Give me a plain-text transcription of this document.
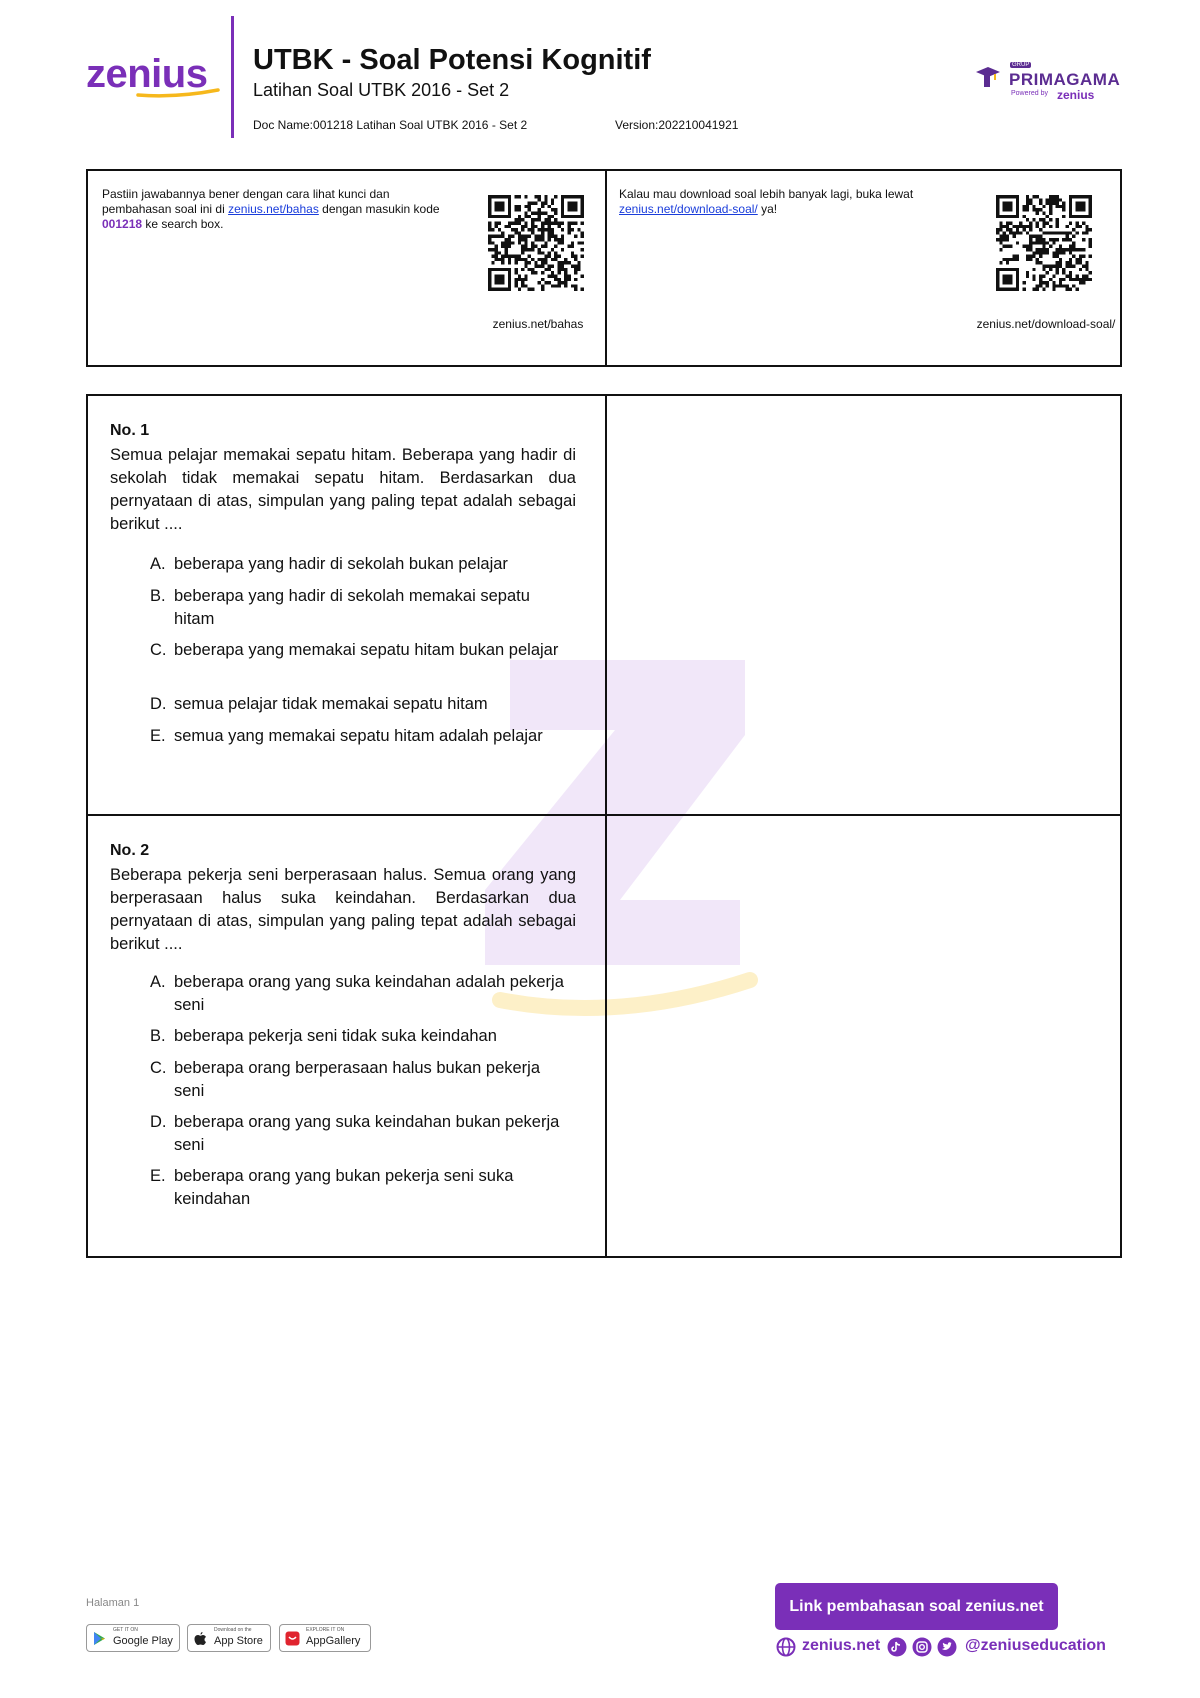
zenius UTBK - Soal Potensi Kognitif
Latihan Soal UTBK 2016 - Set 2
Doc Name:001218 Latihan Soal UTBK 2016 - Set 2	Version:202210041921
GRUP
PRIMAGAMA
Powered by zenius
Pastiin jawabannya bener dengan cara lihat kunci dan pembahasan soal ini di zenius.net/bahas dengan masukin kode 001218 ke search box.
zenius.net/bahas
Kalau mau download soal lebih banyak lagi, buka lewat zenius.net/download-soal/ ya!
zenius.net/download-soal/
No. 1
Semua pelajar memakai sepatu hitam. Beberapa yang hadir di sekolah tidak memakai sepatu hitam. Berdasarkan dua pernyataan di atas, simpulan yang paling tepat adalah sebagai berikut ....
A. beberapa yang hadir di sekolah bukan pelajar
B. beberapa yang hadir di sekolah memakai sepatu hitam
C. beberapa yang memakai sepatu hitam bukan pelajar
D. semua pelajar tidak memakai sepatu hitam
E. semua yang memakai sepatu hitam adalah pelajar
No. 2
Beberapa pekerja seni berperasaan halus. Semua orang yang berperasaan halus suka keindahan. Berdasarkan dua pernyataan di atas, simpulan yang paling tepat adalah sebagai berikut ....
A. beberapa orang yang suka keindahan adalah pekerja seni
B. beberapa pekerja seni tidak suka keindahan
C. beberapa orang berperasaan halus bukan pekerja seni
D. beberapa orang yang suka keindahan bukan pekerja seni
E. beberapa orang yang bukan pekerja seni suka keindahan
Halaman 1
GET IT ON
Google Play
Download on the
App Store
EXPLORE IT ON
AppGallery
Link pembahasan soal zenius.net
zenius.net	@zeniuseducation
